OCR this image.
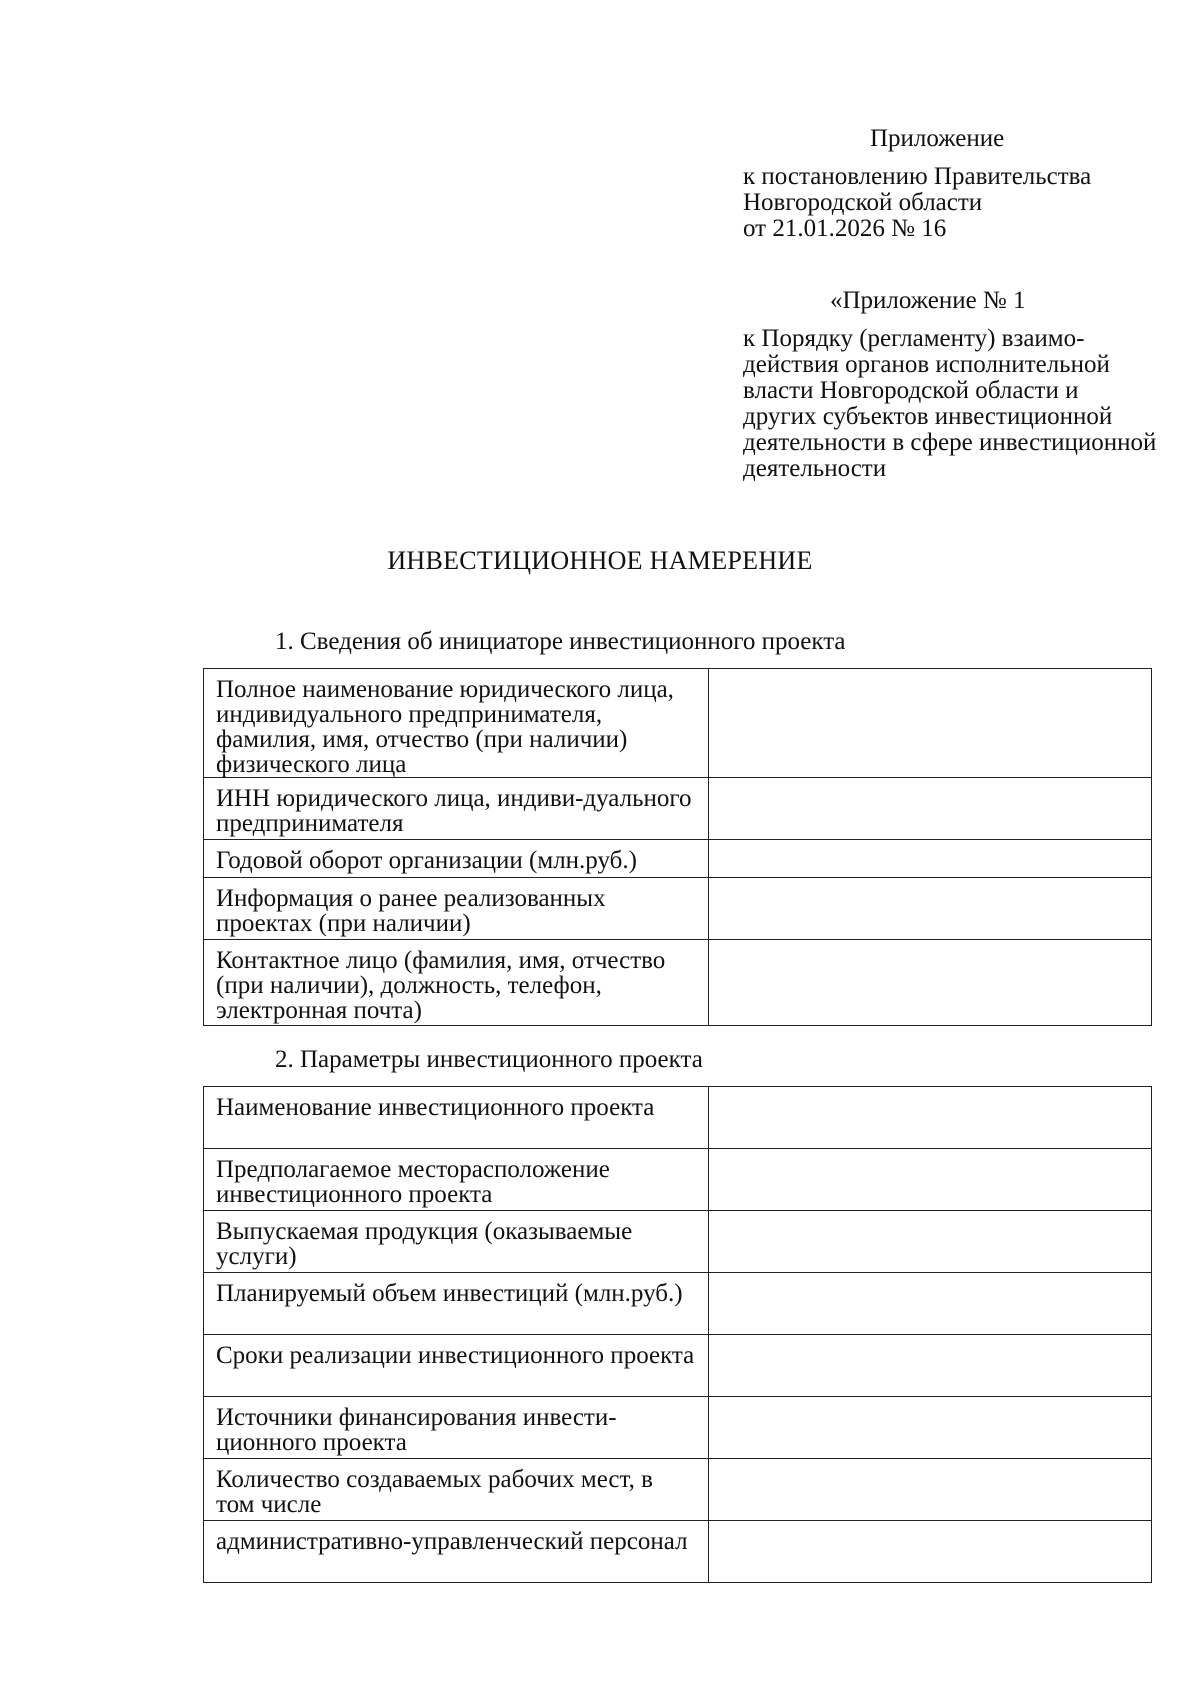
Приложение
к постановлению Правительства
Новгородской области
от 21.01.2026 № 16
«Приложение № 1
к Порядку (регламенту) взаимо-
действия органов исполнительной
власти Новгородской области и
других субъектов инвестиционной
деятельности в сфере инвестиционной
деятельности
ИНВЕСТИЦИОННОЕ НАМЕРЕНИЕ
1. Сведения об инициаторе инвестиционного проекта
Полное наименование юридического лица, индивидуального предпринимателя, фамилия, имя, отчество (при наличии) физического лица	
ИНН юридического лица, индиви-дуального предпринимателя	
Годовой оборот организации (млн.руб.)	
Информация о ранее реализованных проектах (при наличии)	
Контактное лицо (фамилия, имя, отчество (при наличии), должность, телефон, электронная почта)	
2. Параметры инвестиционного проекта
Наименование инвестиционного проекта	
Предполагаемое месторасположение инвестиционного проекта	
Выпускаемая продукция (оказываемые услуги)	
Планируемый объем инвестиций (млн.руб.)	
Сроки реализации инвестиционного проекта	
Источники финансирования инвести-ционного проекта	
Количество создаваемых рабочих мест, в том числе	
административно-управленческий персонал	
